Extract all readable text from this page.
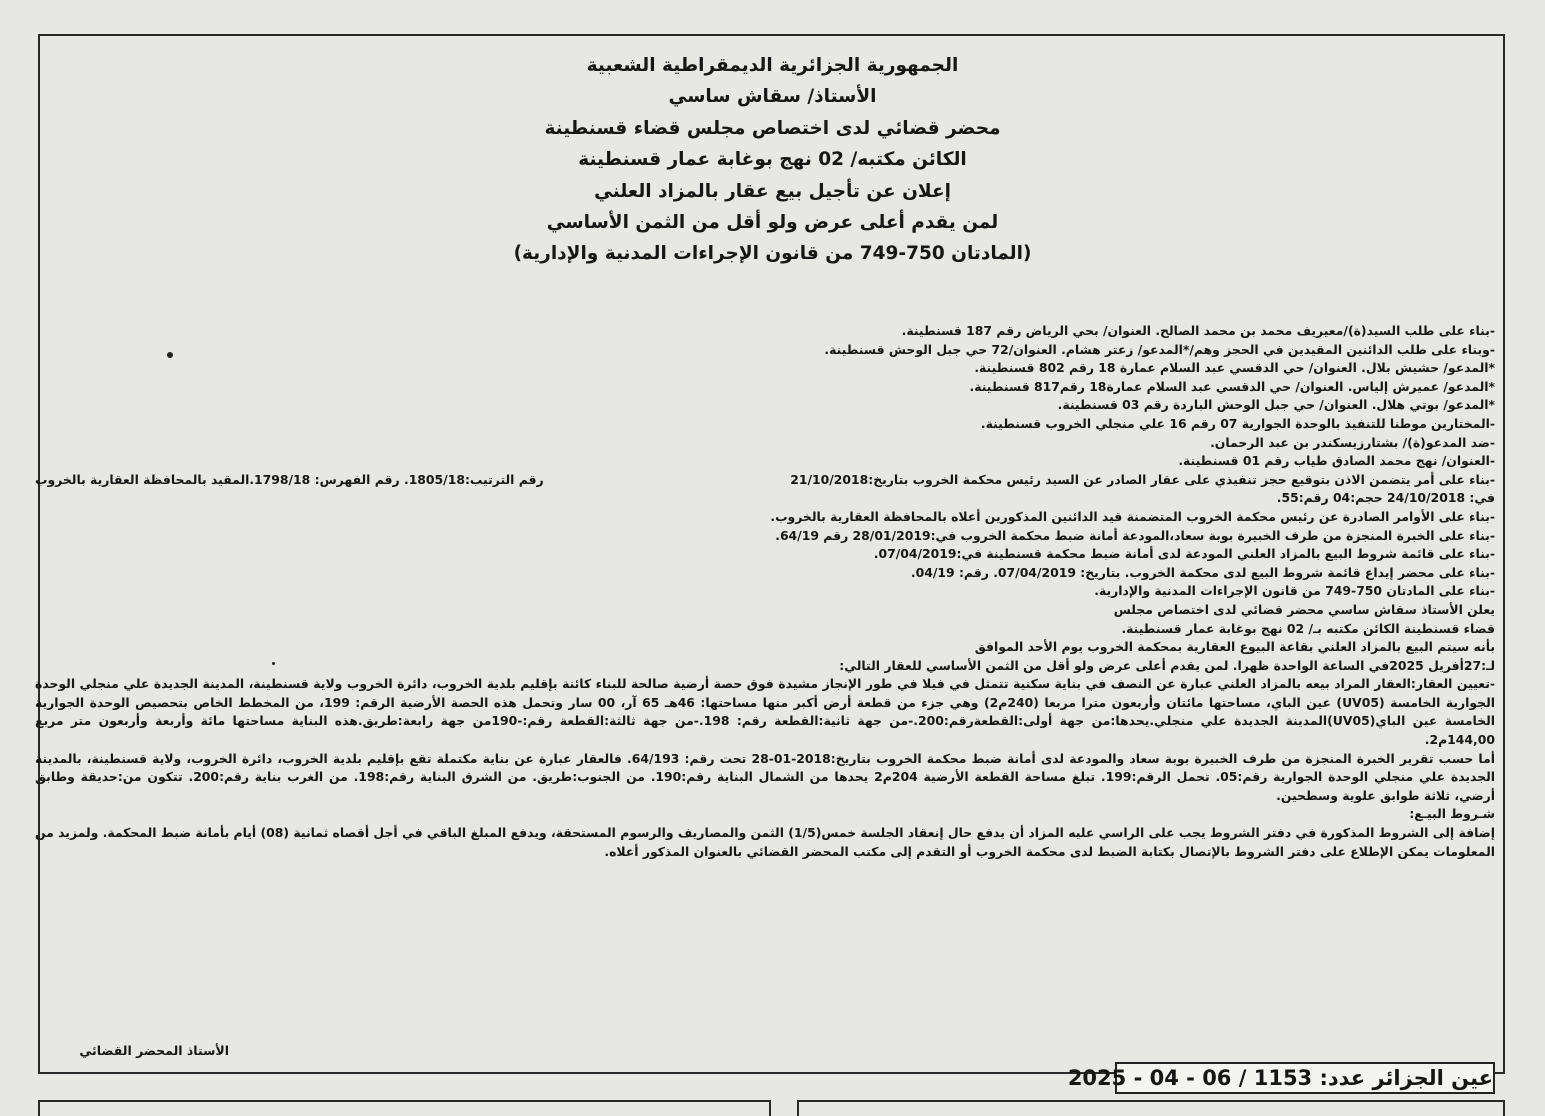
الجمهورية الجزائرية الديمقراطية الشعبية
الأستاذ/ سقاش ساسي
محضر قضائي لدى اختصاص مجلس قضاء قسنطينة
الكائن مكتبه/ 02 نهج بوغابة عمار قسنطينة
إعلان عن تأجيل بيع عقار بالمزاد العلني
لمن يقدم أعلى عرض ولو أقل من الثمن الأساسي
(المادتان 750-749 من قانون الإجراءات المدنية والإدارية)
-بناء على طلب السيد(ة)/معيريف محمد بن محمد الصالح. العنوان/ بحي الرياض رقم 187 قسنطينة.
-وبناء على طلب الدائنين المقيدين في الحجز وهم/*المدعو/ زعتر هشام. العنوان/72 حي جبل الوحش قسنطينة.
*المدعو/ حشيش بلال. العنوان/ حي الدقسي عبد السلام عمارة 18 رقم 802 قسنطينة.
*المدعو/ عميرش إلياس. العنوان/ حي الدقسي عبد السلام عمارة18 رقم817 قسنطينة.
*المدعو/ بوتي هلال. العنوان/ حي جبل الوحش الباردة رقم 03 قسنطينة.
-المختارين موطنا للتنفيذ بالوحدة الجوارية 07 رقم 16 علي منجلي الخروب قسنطينة.
-ضد المدعو(ة)/ بشتارزيسكندر بن عبد الرحمان.
-العنوان/ نهج محمد الصادق طياب رقم 01 قسنطينة.
-بناء على أمر يتضمن الاذن بتوقيع حجز تنفيذي على عقار الصادر عن السيد رئيس محكمة الخروب بتاريخ:21/10/2018
رقم الترتيب:1805/18. رقم الفهرس: 1798/18.المقيد بالمحافظة العقارية بالخروب
في: 24/10/2018 حجم:04 رقم:55.
-بناء على الأوامر الصادرة عن رئيس محكمة الخروب المتضمنة قيد الدائنين المذكورين أعلاه بالمحافظة العقارية بالخروب.
-بناء على الخبرة المنجزة من طرف الخبيرة بوبة سعاد،المودعة أمانة ضبط محكمة الخروب في:28/01/2019 رقم 64/19.
-بناء على قائمة شروط البيع بالمزاد العلني المودعة لدى أمانة ضبط محكمة قسنطينة في:07/04/2019.
-بناء على محضر إيداع قائمة شروط البيع لدى محكمة الخروب. بتاريخ: 07/04/2019. رقم: 04/19.
-بناء على المادتان 750-749 من قانون الإجراءات المدنية والإدارية.
يعلن الأستاذ سقاش ساسي محضر قضائي لدى اختصاص مجلس
قضاء قسنطينة الكائن مكتبه بـ/ 02 نهج بوغابة عمار قسنطينة.
بأنه سيتم البيع بالمزاد العلني بقاعة البيوع العقارية بمحكمة الخروب يوم الأحد الموافق
لـ:27أفريل 2025في الساعة الواحدة ظهرا. لمن يقدم أعلى عرض ولو أقل من الثمن الأساسي للعقار التالي:
-تعيين العقار:العقار المراد بيعه بالمزاد العلني عبارة عن النصف في بناية سكنية تتمثل في فيلا في طور الإنجاز مشيدة فوق حصة أرضية صالحة للبناء كائنة بإقليم بلدية الخروب، دائرة الخروب ولاية قسنطينة، المدينة الجديدة علي منجلي الوحدة الجوارية الخامسة (UV05) عين الباي، مساحتها مائتان وأربعون مترا مربعا (240م2) وهي جزء من قطعة أرض أكبر منها مساحتها: 46هـ 65 آر، 00 سار وتحمل هذه الحصة الأرضية الرقم: 199، من المخطط الخاص بتحصيص الوحدة الجوارية الخامسة عين الباي(UV05)المدينة الجديدة علي منجلي.يحدها:من جهة أولى:القطعةرقم:200.-من جهة ثانية:القطعة رقم: 198.-من جهة ثالثة:القطعة رقم:-190من جهة رابعة:طريق.هذه البناية مساحتها مائة وأربعة وأربعون متر مربع 144,00م2.
أما حسب تقرير الخبرة المنجزة من طرف الخبيرة بوبة سعاد والمودعة لدى أمانة ضبط محكمة الخروب بتاريخ:2018-01-28 تحت رقم: 64/193. فالعقار عبارة عن بناية مكتملة تقع بإقليم بلدية الخروب، دائرة الخروب، ولاية قسنطينة، بالمدينة الجديدة علي منجلي الوحدة الجوارية رقم:05. تحمل الرقم:199. تبلغ مساحة القطعة الأرضية 204م2 يحدها من الشمال البناية رقم:190. من الجنوب:طريق. من الشرق البناية رقم:198. من الغرب بناية رقم:200. تتكون من:حديقة وطابق أرضي، ثلاثة طوابق علوية وسطحين.
شـروط البيـع:
إضافة إلى الشروط المذكورة في دفتر الشروط يجب على الراسي عليه المزاد أن يدفع حال إنعقاد الجلسة خمس(1/5) الثمن والمصاريف والرسوم المستحقة، ويدفع المبلغ الباقي في أجل أقصاه ثمانية (08) أيام بأمانة ضبط المحكمة. ولمزيد من المعلومات يمكن الإطلاع على دفتر الشروط بالإتصال بكتابة الضبط لدى محكمة الخروب أو التقدم إلى مكتب المحضر القضائي بالعنوان المذكور أعلاه.
الأستاذ المحضر القضائي
عين الجزائر عدد: 1153 / 06 - 04 - 2025
